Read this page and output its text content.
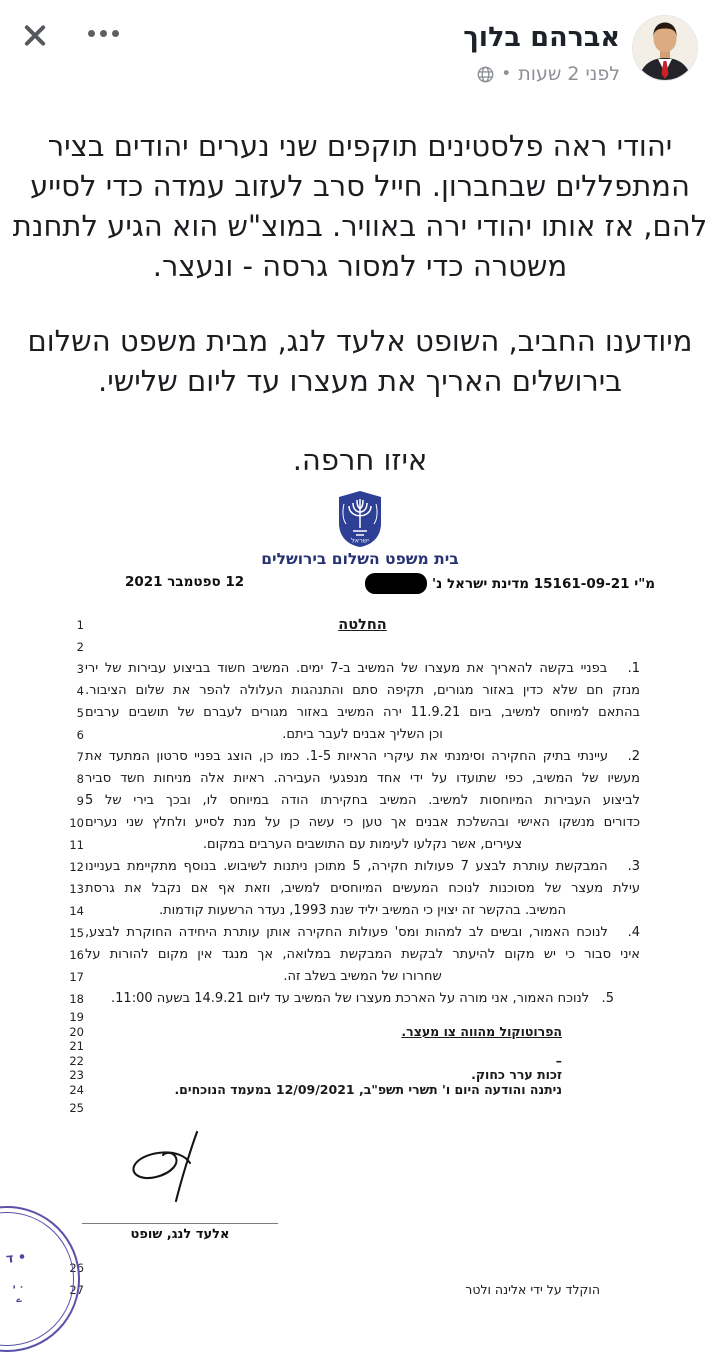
אברהם בלוך
לפני 2 שעות
•

יהודי ראה פלסטינים תוקפים שני נערים יהודים בציר המתפללים שבחברון. חייל סרב לעזוב עמדה כדי לסייע להם, אז אותו יהודי ירה באוויר. במוצ"ש הוא הגיע לתחנת משטרה כדי למסור גרסה - ונעצר.

מיודענו החביב, השופט אלעד לנג, מבית משפט השלום בירושלים האריך את מעצרו עד ליום שלישי.

איזו חרפה.

ישראל
בית משפט השלום בירושלים
מ"י 15161-09-21 מדינת ישראל נ'
12 ספטמבר 2021
1	החלטה
2
3 1.   בפניי בקשה להאריך את מעצרו של המשיב ב-7 ימים. המשיב חשוד בביצוע עבירות של ירי
4 מנזק חם שלא כדין באזור מגורים, תקיפה סתם והתנהגות העלולה להפר את שלום הציבור.
5 בהתאם למיוחס למשיב, ביום 11.9.21 ירה המשיב באזור מגורים לעברם של תושבים ערבים
6	וכן השליך אבנים לעבר ביתם.
7 2.   עיינתי בתיק החקירה וסימנתי את עיקרי הראיות 1-5. כמו כן, הוצג בפניי סרטון המתעד את
8 מעשיו של המשיב, כפי שתועדו על ידי אחד מנפגעי העבירה. ראיות אלה מניחות חשד סביר
9 לביצוע העבירות המיוחסות למשיב. המשיב בחקירתו הודה במיוחס לו, ובכך בירי של 5
10 כדורים מנשקו האישי ובהשלכת אבנים אך טען כי עשה כן על מנת לסייע ולחלץ שני נערים
11	צעירים, אשר נקלעו לעימות עם התושבים הערבים במקום.
12 3.   המבקשת עותרת לבצע 7 פעולות חקירה, 5 מתוכן ניתנות לשיבוש. בנוסף מתקיימת בעניינו
13 עילת מעצר של מסוכנות לנוכח המעשים המיוחסים למשיב, וזאת אף אם נקבל את גרסת
14	המשיב. בהקשר זה יצוין כי המשיב יליד שנת 1993, נעדר הרשעות קודמות.
15 4.   לנוכח האמור, ובשים לב למהות ומס' פעולות החקירה אותן עותרת היחידה החוקרת לבצע,
16 איני סבור כי יש מקום להיעתר לבקשת המבקשת במלואה, אך מנגד אין מקום להורות על
17	שחרורו של המשיב בשלב זה.
18	5.   לנוכח האמור, אני מורה על הארכת מעצרו של המשיב עד ליום 14.9.21 בשעה 11:00.
19
20	הפרוטוקול מהווה צו מעצר.
21
22	–
23	זכות ערר כחוק.
24	ניתנה והודעה היום ו' תשרי תשפ"ב, 12/09/2021 במעמד הנוכחים.
25
אלעד לנג, שופט
26
27	הוקלד על ידי אלינה ולטר
• ד
٠ י
ے
